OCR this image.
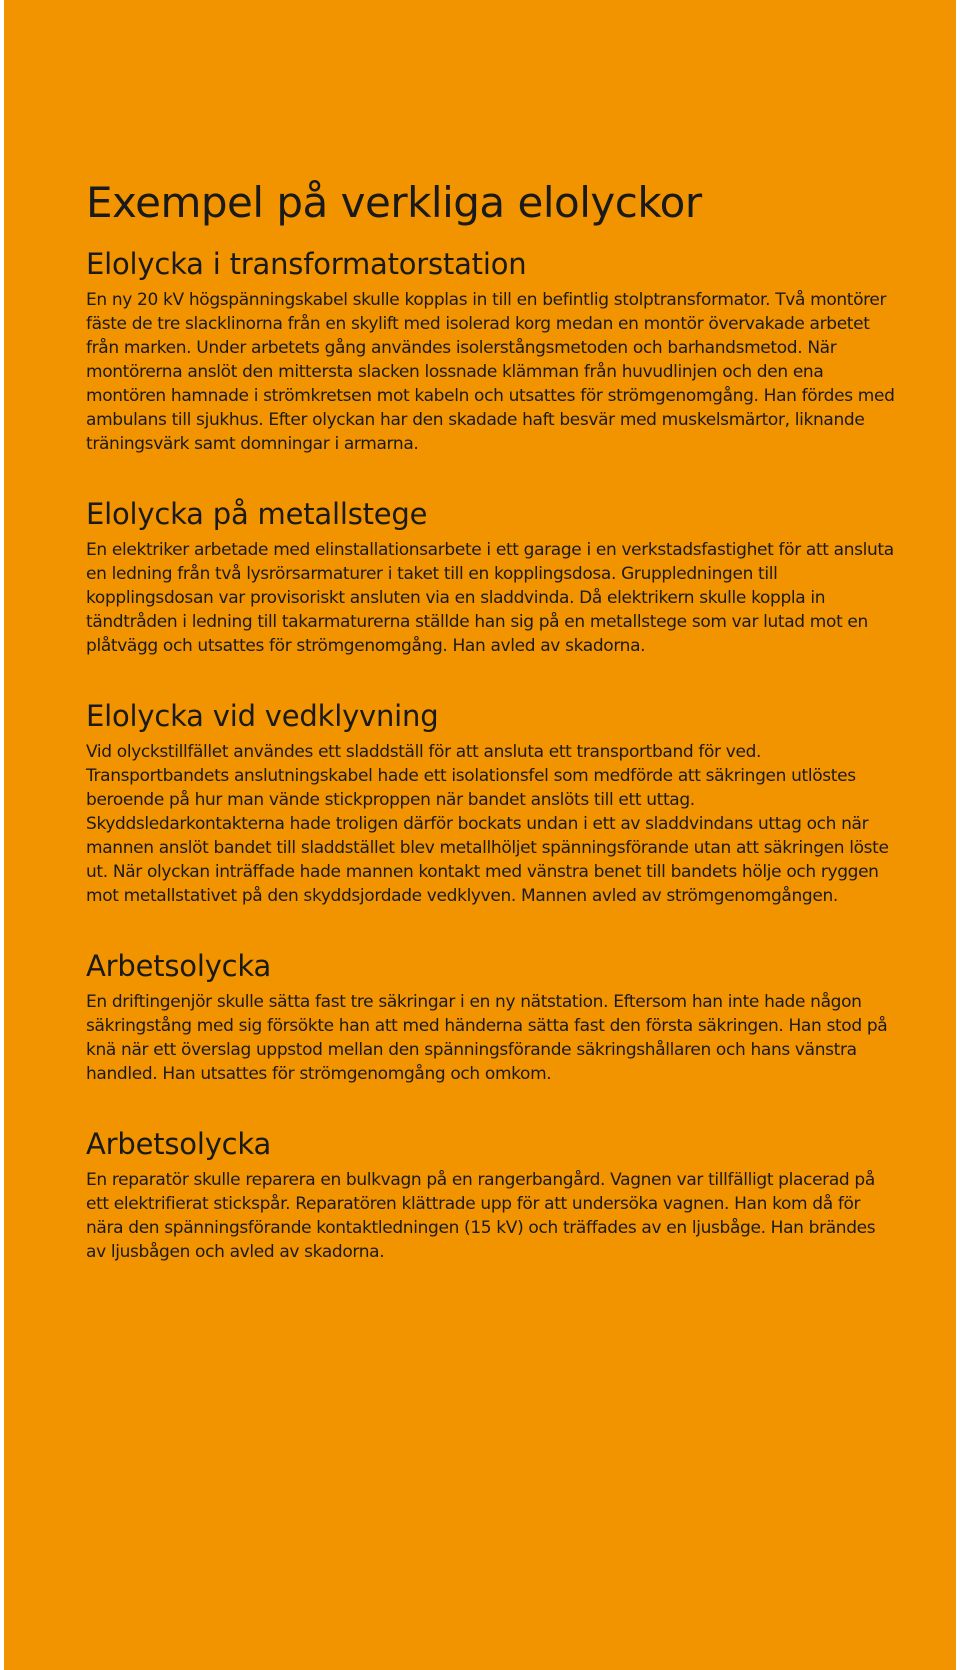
Exempel på verkliga elolyckor
Elolycka i transformatorstation

En ny 20 kV högspänningskabel skulle kopplas in till en befintlig stolptransformator. Två montörer fäste de tre slacklinorna från en skylift med isolerad korg medan en montör övervakade arbetet från marken. Under arbetets gång användes isolerstångsmetoden och barhandsmetod. När montörerna anslöt den mittersta slacken lossnade klämman från huvudlinjen och den ena montören hamnade i strömkretsen mot kabeln och utsattes för strömgenomgång. Han fördes med ambulans till sjukhus. Efter olyckan har den skadade haft besvär med muskelsmärtor, liknande träningsvärk samt domningar i armarna.

Elolycka på metallstege

En elektriker arbetade med elinstallationsarbete i ett garage i en verkstadsfastighet för att ansluta en ledning från två lysrörsarmaturer i taket till en kopplingsdosa. Gruppledningen till kopplingsdosan var provisoriskt ansluten via en sladdvinda. Då elektrikern skulle koppla in tändtråden i ledning till takarmaturerna ställde han sig på en metallstege som var lutad mot en plåtvägg och utsattes för strömgenomgång. Han avled av skadorna.

Elolycka vid vedklyvning

Vid olyckstillfället användes ett sladdställ för att ansluta ett transportband för ved. Transportbandets anslutningskabel hade ett isolationsfel som medförde att säkringen utlöstes beroende på hur man vände stickproppen när bandet anslöts till ett uttag. Skyddsledarkontakterna hade troligen därför bockats undan i ett av sladdvindans uttag och när mannen anslöt bandet till sladdstället blev metallhöljet spänningsförande utan att säkringen löste ut. När olyckan inträffade hade mannen kontakt med vänstra benet till bandets hölje och ryggen mot metallstativet på den skyddsjordade vedklyven. Mannen avled av strömgenomgången.

Arbetsolycka

En driftingenjör skulle sätta fast tre säkringar i en ny nätstation. Eftersom han inte hade någon säkringstång med sig försökte han att med händerna sätta fast den första säkringen. Han stod på knä när ett överslag uppstod mellan den spänningsförande säkringshållaren och hans vänstra handled. Han utsattes för strömgenomgång och omkom.

Arbetsolycka

En reparatör skulle reparera en bulkvagn på en rangerbangård. Vagnen var tillfälligt placerad på ett elektrifierat stickspår. Reparatören klättrade upp för att undersöka vagnen. Han kom då för nära den spänningsförande kontaktledningen (15 kV) och träffades av en ljusbåge. Han brändes av ljusbågen och avled av skadorna.
